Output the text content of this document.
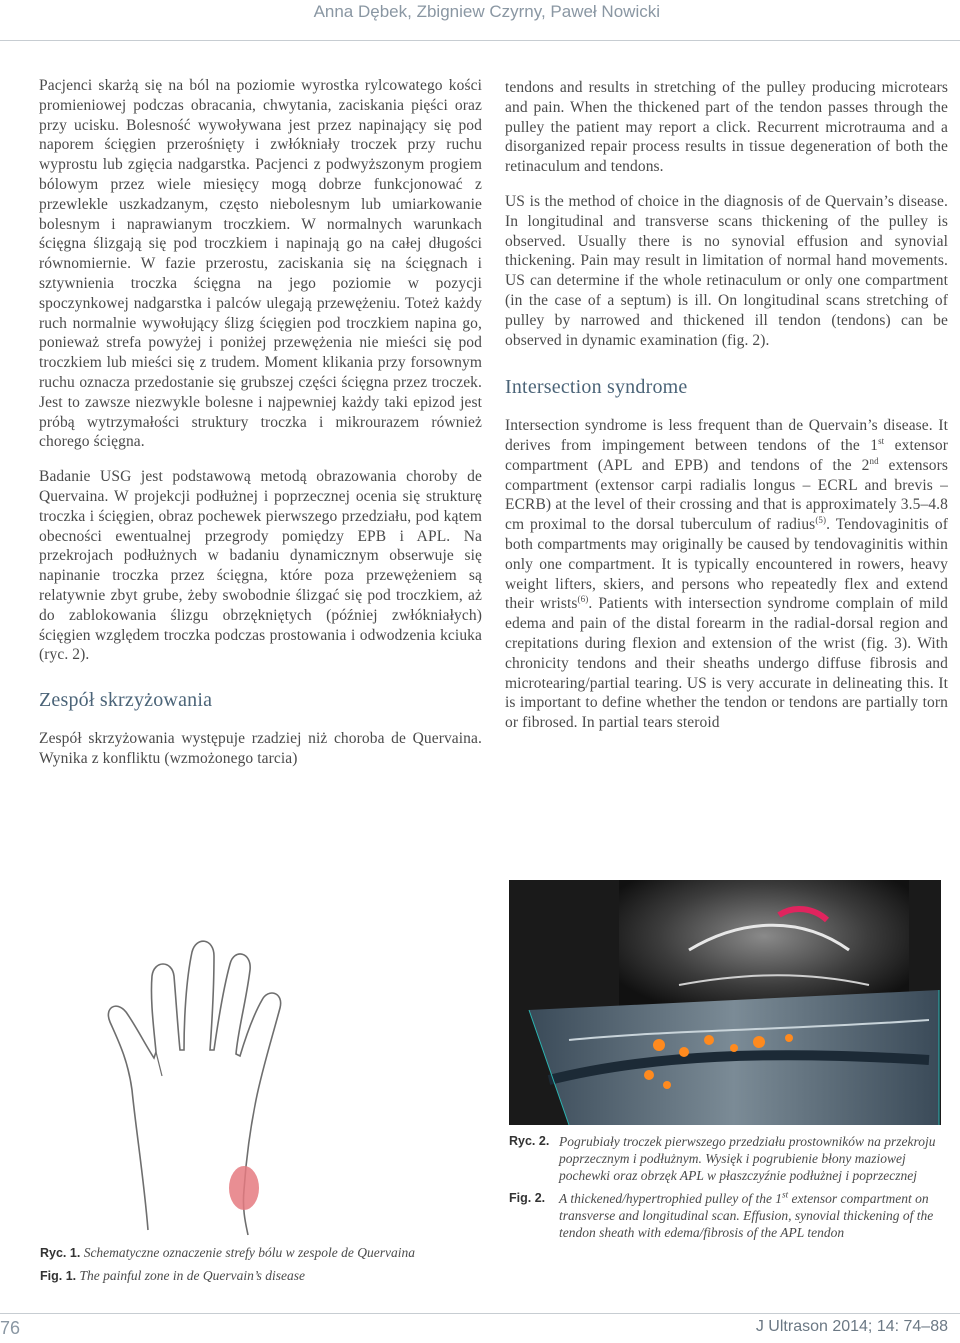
Anna Dębek, Zbigniew Czyrny, Paweł Nowicki

Pacjenci skarżą się na ból na poziomie wyrostka rylcowatego kości promieniowej podczas obracania, chwytania, zaciskania pięści oraz przy ucisku. Bolesność wywoływana jest przez napinający się pod naporem ścięgien przerośnięty i zwłókniały troczek przy ruchu wyprostu lub zgięcia nadgarstka. Pacjenci z podwyższonym progiem bólowym przez wiele miesięcy mogą dobrze funkcjonować z przewlekle uszkadzanym, często niebolesnym lub umiarkowanie bolesnym i naprawianym troczkiem. W normalnych warunkach ścięgna ślizgają się pod troczkiem i napinają go na całej długości równomiernie. W fazie przerostu, zaciskania się na ścięgnach i sztywnienia troczka ścięgna na jego poziomie w pozycji spoczynkowej nadgarstka i palców ulegają przewężeniu. Toteż każdy ruch normalnie wywołujący ślizg ścięgien pod troczkiem napina go, ponieważ strefa powyżej i poniżej przewężenia nie mieści się pod troczkiem lub mieści się z trudem. Moment klikania przy forsownym ruchu oznacza przedostanie się grubszej części ścięgna przez troczek. Jest to zawsze niezwykle bolesne i najpewniej każdy taki epizod jest próbą wytrzymałości struktury troczka i mikrourazem również chorego ścięgna.

Badanie USG jest podstawową metodą obrazowania choroby de Quervaina. W projekcji podłużnej i poprzecznej ocenia się strukturę troczka i ścięgien, obraz pochewek pierwszego przedziału, pod kątem obecności ewentualnej przegrody pomiędzy EPB i APL. Na przekrojach podłużnych w badaniu dynamicznym obserwuje się napinanie troczka przez ścięgna, które poza przewężeniem są relatywnie zbyt grube, żeby swobodnie ślizgać się pod troczkiem, aż do zablokowania ślizgu obrzękniętych (później zwłókniałych) ścięgien względem troczka podczas prostowania i odwodzenia kciuka (ryc. 2).

Zespół skrzyżowania

Zespół skrzyżowania występuje rzadziej niż choroba de Quervaina. Wynika z konfliktu (wzmożonego tarcia)

tendons and results in stretching of the pulley producing microtears and pain. When the thickened part of the tendon passes through the pulley the patient may report a click. Recurrent microtrauma and a disorganized repair process results in tissue degeneration of both the retinaculum and tendons.

US is the method of choice in the diagnosis of de Quervain’s disease. In longitudinal and transverse scans thickening of the pulley is observed. Usually there is no synovial effusion and synovial thickening. Pain may result in limitation of normal hand movements. US can determine if the whole retinaculum or only one compartment (in the case of a septum) is ill. On longitudinal scans stretching of pulley by narrowed and thickened ill tendon (tendons) can be observed in dynamic examination (fig. 2).

Intersection syndrome

Intersection syndrome is less frequent than de Quervain’s disease. It derives from impingement between tendons of the 1st extensor compartment (APL and EPB) and tendons of the 2nd extensors compartment (extensor carpi radialis longus – ECRL and brevis – ECRB) at the level of their crossing and that is approximately 3.5–4.8 cm proximal to the dorsal tuberculum of radius$^{(5)}$. Tendovaginitis of both compartments may originally be caused by tendovaginitis within only one compartment. It is typically encountered in rowers, heavy weight lifters, skiers, and persons who repeatedly flex and extend their wrists$^{(6)}$. Patients with intersection syndrome complain of mild edema and pain of the distal forearm in the radial-dorsal region and crepitations during flexion and extension of the wrist (fig. 3). With chronicity tendons and their sheaths undergo diffuse fibrosis and microtearing/partial tearing. US is very accurate in delineating this. It is important to define whether the tendon or tendons are partially torn or fibrosed. In partial tears steroid

Ryc. 1. Schematyczne oznaczenie strefy bólu w zespole de Quervaina
Fig. 1. The painful zone in de Quervain’s disease
Ryc. 2. Pogrubiały troczek pierwszego przedziału prostowników na przekroju poprzecznym i podłużnym. Wysięk i pogrubienie błony maziowej pochewki oraz obrzęk APL w płaszczyźnie podłużnej i poprzecznej
Fig. 2.	A thickened/hypertrophied pulley of the 1st extensor compartment on transverse and longitudinal scan. Effusion, synovial thickening of the tendon sheath with edema/fibrosis of the APL tendon
76	J Ultrason 2014; 14: 74–88
